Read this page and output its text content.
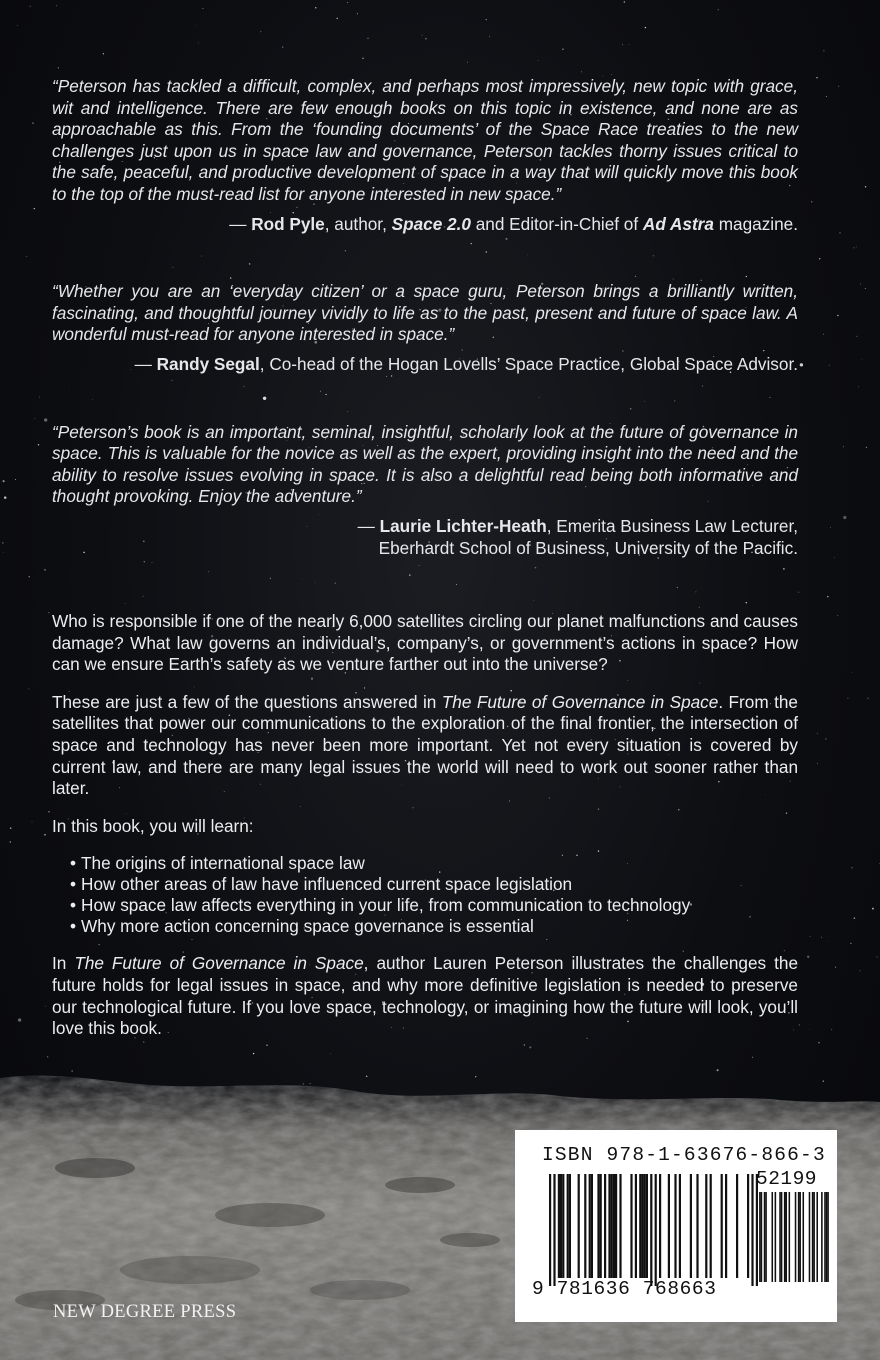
“Peterson has tackled a difficult, complex, and perhaps most impressively, new topic with grace, wit and intelligence. There are few enough books on this topic in existence, and none are as approachable as this. From the ‘founding documents’ of the Space Race treaties to the new challenges just upon us in space law and governance, Peterson tackles thorny issues critical to the safe, peaceful, and productive development of space in a way that will quickly move this book to the top of the must-read list for anyone interested in new space.”

— Rod Pyle, author, Space 2.0 and Editor-in-Chief of Ad Astra magazine.

“Whether you are an ‘everyday citizen’ or a space guru, Peterson brings a brilliantly written, fascinating, and thoughtful journey vividly to life as to the past, present and future of space law. A wonderful must-read for anyone interested in space.”

— Randy Segal, Co-head of the Hogan Lovells’ Space Practice, Global Space Advisor.

“Peterson’s book is an important, seminal, insightful, scholarly look at the future of governance in space. This is valuable for the novice as well as the expert, providing insight into the need and the ability to resolve issues evolving in space. It is also a delightful read being both informative and thought provoking. Enjoy the adventure.”

— Laurie Lichter-Heath, Emerita Business Law Lecturer,
Eberhardt School of Business, University of the Pacific.

Who is responsible if one of the nearly 6,000 satellites circling our planet malfunctions and causes damage? What law governs an individual’s, company’s, or government’s actions in space? How can we ensure Earth’s safety as we venture farther out into the universe?

These are just a few of the questions answered in The Future of Governance in Space. From the satellites that power our communications to the exploration of the final frontier, the intersection of space and technology has never been more important. Yet not every situation is covered by current law, and there are many legal issues the world will need to work out sooner rather than later.

In this book, you will learn:

• The origins of international space law
• How other areas of law have influenced current space legislation
• How space law affects everything in your life, from communication to technology
• Why more action concerning space governance is essential

In The Future of Governance in Space, author Lauren Peterson illustrates the challenges the future holds for legal issues in space, and why more definitive legislation is needed to preserve our technological future. If you love space, technology, or imagining how the future will look, you’ll love this book.

NEW DEGREE PRESS
ISBN 978-1-63676-866-3
52199
9 781636 768663
